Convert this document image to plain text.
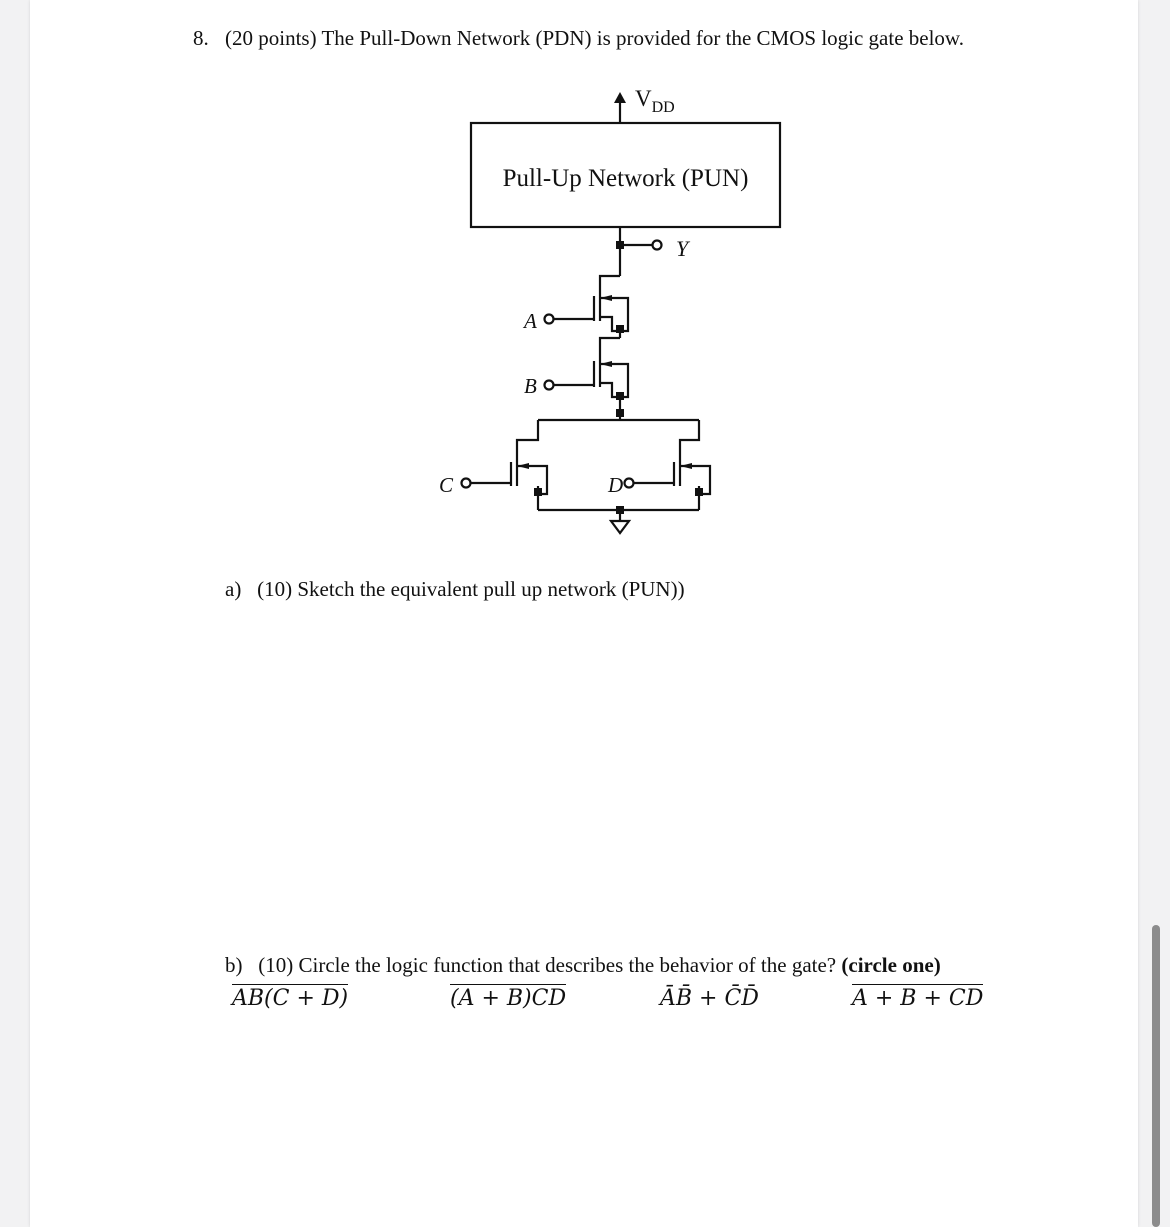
8. (20 points) The Pull-Down Network (PDN) is provided for the CMOS logic gate below.
$V_{DD}$
Pull-Up Network (PUN)
Y
A
B
C	D
a) (10) Sketch the equivalent pull up network (PUN))
b) (10) Circle the logic function that describes the behavior of the gate? (circle one)
AB(C + D)	(A + B)CD	ĀB̄ + C̄D̄	A + B + CD
